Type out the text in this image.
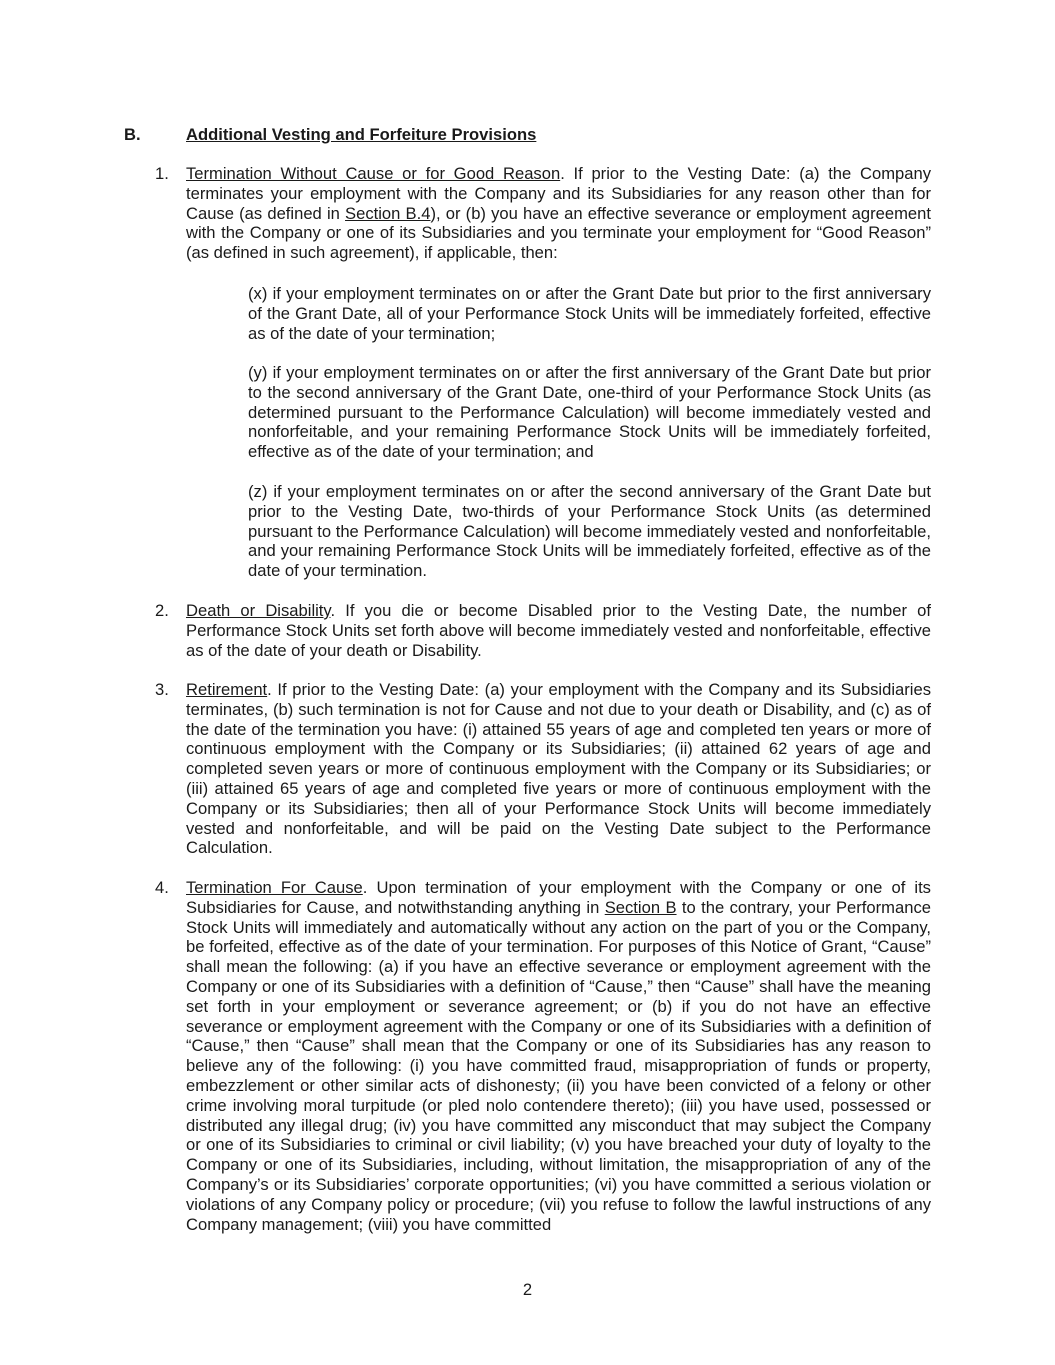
B.	Additional Vesting and Forfeiture Provisions
1.	Termination Without Cause or for Good Reason. If prior to the Vesting Date: (a) the Company terminates your employment with the Company and its Subsidiaries for any reason other than for Cause (as defined in Section B.4), or (b) you have an effective severance or employment agreement with the Company or one of its Subsidiaries and you terminate your employment for “Good Reason” (as defined in such agreement), if applicable, then:
(x) if your employment terminates on or after the Grant Date but prior to the first anniversary of the Grant Date, all of your Performance Stock Units will be immediately forfeited, effective as of the date of your termination;
(y) if your employment terminates on or after the first anniversary of the Grant Date but prior to the second anniversary of the Grant Date, one-third of your Performance Stock Units (as determined pursuant to the Performance Calculation) will become immediately vested and nonforfeitable, and your remaining Performance Stock Units will be immediately forfeited, effective as of the date of your termination; and
(z) if your employment terminates on or after the second anniversary of the Grant Date but prior to the Vesting Date, two-thirds of your Performance Stock Units (as determined pursuant to the Performance Calculation) will become immediately vested and nonforfeitable, and your remaining Performance Stock Units will be immediately forfeited, effective as of the date of your termination.
2.	Death or Disability. If you die or become Disabled prior to the Vesting Date, the number of Performance Stock Units set forth above will become immediately vested and nonforfeitable, effective as of the date of your death or Disability.
3.	Retirement. If prior to the Vesting Date: (a) your employment with the Company and its Subsidiaries terminates, (b) such termination is not for Cause and not due to your death or Disability, and (c) as of the date of the termination you have: (i) attained 55 years of age and completed ten years or more of continuous employment with the Company or its Subsidiaries; (ii) attained 62 years of age and completed seven years or more of continuous employment with the Company or its Subsidiaries; or (iii) attained 65 years of age and completed five years or more of continuous employment with the Company or its Subsidiaries; then all of your Performance Stock Units will become immediately vested and nonforfeitable, and will be paid on the Vesting Date subject to the Performance Calculation.
4.	Termination For Cause. Upon termination of your employment with the Company or one of its Subsidiaries for Cause, and notwithstanding anything in Section B to the contrary, your Performance Stock Units will immediately and automatically without any action on the part of you or the Company, be forfeited, effective as of the date of your termination. For purposes of this Notice of Grant, “Cause” shall mean the following: (a) if you have an effective severance or employment agreement with the Company or one of its Subsidiaries with a definition of “Cause,” then “Cause” shall have the meaning set forth in your employment or severance agreement; or (b) if you do not have an effective severance or employment agreement with the Company or one of its Subsidiaries with a definition of “Cause,” then “Cause” shall mean that the Company or one of its Subsidiaries has any reason to believe any of the following: (i) you have committed fraud, misappropriation of funds or property, embezzlement or other similar acts of dishonesty; (ii) you have been convicted of a felony or other crime involving moral turpitude (or pled nolo contendere thereto); (iii) you have used, possessed or distributed any illegal drug; (iv) you have committed any misconduct that may subject the Company or one of its Subsidiaries to criminal or civil liability; (v) you have breached your duty of loyalty to the Company or one of its Subsidiaries, including, without limitation, the misappropriation of any of the Company’s or its Subsidiaries’ corporate opportunities; (vi) you have committed a serious violation or violations of any Company policy or procedure; (vii) you refuse to follow the lawful instructions of any Company management; (viii) you have committed
2
